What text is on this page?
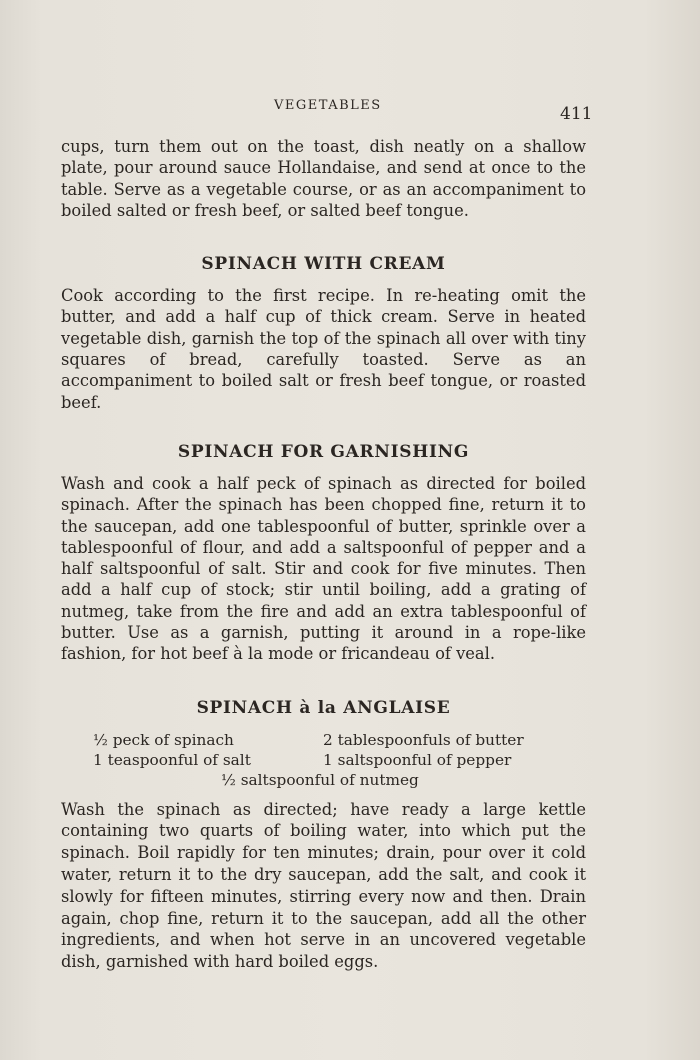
VEGETABLES	411

cups, turn them out on the toast, dish neatly on a shallow plate, pour around sauce Hollandaise, and send at once to the table. Serve as a vegetable course, or as an accompaniment to boiled salted or fresh beef, or salted beef tongue.

SPINACH WITH CREAM

Cook according to the first recipe. In re-heating omit the butter, and add a half cup of thick cream. Serve in heated vegetable dish, garnish the top of the spinach all over with tiny squares of bread, carefully toasted. Serve as an accompaniment to boiled salt or fresh beef tongue, or roasted beef.

SPINACH FOR GARNISHING

Wash and cook a half peck of spinach as directed for boiled spinach. After the spinach has been chopped fine, return it to the saucepan, add one tablespoonful of butter, sprinkle over a tablespoonful of flour, and add a saltspoonful of pepper and a half saltspoonful of salt. Stir and cook for five minutes. Then add a half cup of stock; stir until boiling, add a grating of nutmeg, take from the fire and add an extra tablespoonful of butter. Use as a garnish, putting it around in a rope-like fashion, for hot beef à la mode or fricandeau of veal.

SPINACH à la ANGLAISE
½ peck of spinach	2 tablespoonfuls of butter
1 teaspoonful of salt	1 saltspoonful of pepper
½ saltspoonful of nutmeg

Wash the spinach as directed; have ready a large kettle containing two quarts of boiling water, into which put the spinach. Boil rapidly for ten minutes; drain, pour over it cold water, return it to the dry saucepan, add the salt, and cook it slowly for fifteen minutes, stirring every now and then. Drain again, chop fine, return it to the saucepan, add all the other ingredients, and when hot serve in an uncovered vegetable dish, garnished with hard boiled eggs.
